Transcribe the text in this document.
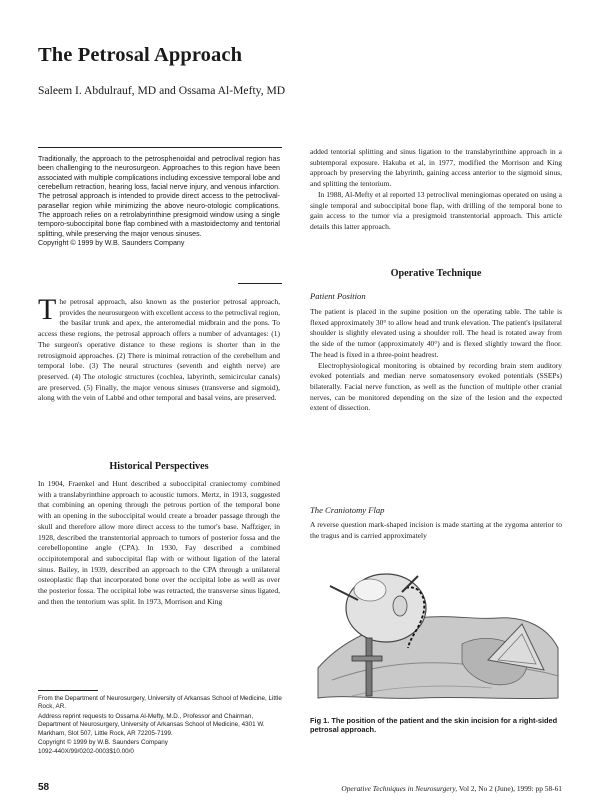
The Petrosal Approach
Saleem I. Abdulrauf, MD and Ossama Al-Mefty, MD

Traditionally, the approach to the petrosphenoidal and petroclival region has been challenging to the neurosurgeon. Approaches to this region have been associated with multiple complications including excessive temporal lobe and cerebellum retraction, hearing loss, facial nerve injury, and venous infarction. The petrosal approach is intended to provide direct access to the petroclival-parasellar region while minimizing the above neuro-otologic complications. The approach relies on a retrolabyrinthine presigmoid window using a single temporo-suboccipital bone flap combined with a mastoidectomy and tentorial splitting, while preserving the major venous sinuses.

Copyright © 1999 by W.B. Saunders Company

T he petrosal approach, also known as the posterior petrosal approach, provides the neurosurgeon with excellent access to the petroclival region, the basilar trunk and apex, the anteromedial midbrain and the pons. To access these regions, the petrosal approach offers a number of advantages: (1) The surgeon's operative distance to these regions is shorter than in the retrosigmoid approaches. (2) There is minimal retraction of the cerebellum and temporal lobe. (3) The neural structures (seventh and eighth nerve) are preserved. (4) The otologic structures (cochlea, labyrinth, semicircular canals) are preserved. (5) Finally, the major venous sinuses (transverse and sigmoid), along with the vein of Labbé and other temporal and basal veins, are preserved.
Historical Perspectives
In 1904, Fraenkel and Hunt described a suboccipital craniectomy combined with a translabyrinthine approach to acoustic tumors. Mertz, in 1913, suggested that combining an opening through the petrous portion of the temporal bone with an opening in the suboccipital would create a broader passage through the skull and therefore allow more direct access to the tumor's base. Naffziger, in 1928, described the transtentorial approach to tumors of posterior fossa and the cerebellopontine angle (CPA). In 1930, Fay described a combined occipitotemporal and suboccipital flap with or without ligation of the lateral sinus. Bailey, in 1939, described an approach to the CPA through a unilateral osteoplastic flap that incorporated bone over the occipital lobe as well as over the posterior fossa. The occipital lobe was retracted, the transverse sinus ligated, and then the tentorium was split. In 1973, Morrison and King

From the Department of Neurosurgery, University of Arkansas School of Medicine, Little Rock, AR.

Address reprint requests to Ossama Al-Mefty, M.D., Professor and Chairman, Department of Neurosurgery, University of Arkansas School of Medicine, 4301 W. Markham, Slot 507, Little Rock, AR 72205-7199.

Copyright © 1999 by W.B. Saunders Company

1092-440X/99/0202-0003$10.00/0

added tentorial splitting and sinus ligation to the translabyrinthine approach in a subtemporal exposure. Hakuba et al, in 1977, modified the Morrison and King approach by preserving the labyrinth, gaining access anterior to the sigmoid sinus, and splitting the tentorium.

In 1988, Al-Mefty et al reported 13 petroclival meningiomas operated on using a single temporal and suboccipital bone flap, with drilling of the temporal bone to gain access to the tumor via a presigmoid transtentorial approach. This article details this latter approach.

Operative Technique
Patient Position

The patient is placed in the supine position on the operating table. The table is flexed approximately 30° to allow head and trunk elevation. The patient's ipsilateral shoulder is slightly elevated using a shoulder roll. The head is rotated away from the side of the tumor (approximately 40°) and is flexed slightly toward the floor. The head is fixed in a three-point headrest.

Electrophysiological monitoring is obtained by recording brain stem auditory evoked potentials and median nerve somatosensory evoked potentials (SSEPs) bilaterally. Facial nerve function, as well as the function of multiple other cranial nerves, can be monitored depending on the size of the lesion and the expected extent of dissection.

The Craniotomy Flap
A reverse question mark-shaped incision is made starting at the zygoma anterior to the tragus and is carried approximately
Fig 1. The position of the patient and the skin incision for a right-sided petrosal approach.
58	Operative Techniques in Neurosurgery, Vol 2, No 2 (June), 1999: pp 58-61
